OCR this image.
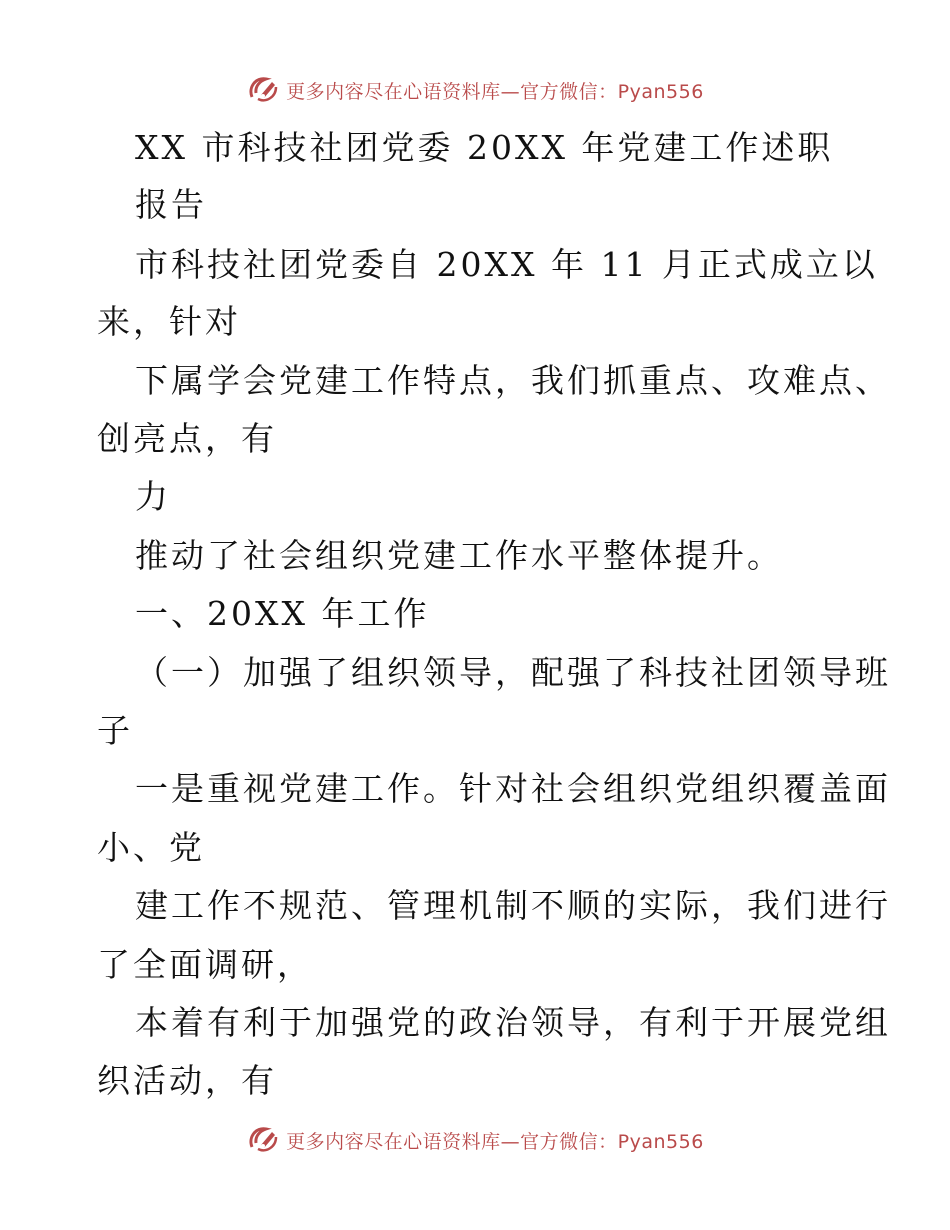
更多内容尽在心语资料库—官方微信：Pyan556
XX 市科技社团党委 20XX 年党建工作述职
报告
市科技社团党委自 20XX 年 11 月正式成立以
来，针对
下属学会党建工作特点，我们抓重点、攻难点、
创亮点，有
力
推动了社会组织党建工作水平整体提升。
一、20XX 年工作
（一）加强了组织领导，配强了科技社团领导班
子
一是重视党建工作。针对社会组织党组织覆盖面
小、党
建工作不规范、管理机制不顺的实际，我们进行
了全面调研，
本着有利于加强党的政治领导，有利于开展党组
织活动，有
更多内容尽在心语资料库—官方微信：Pyan556
